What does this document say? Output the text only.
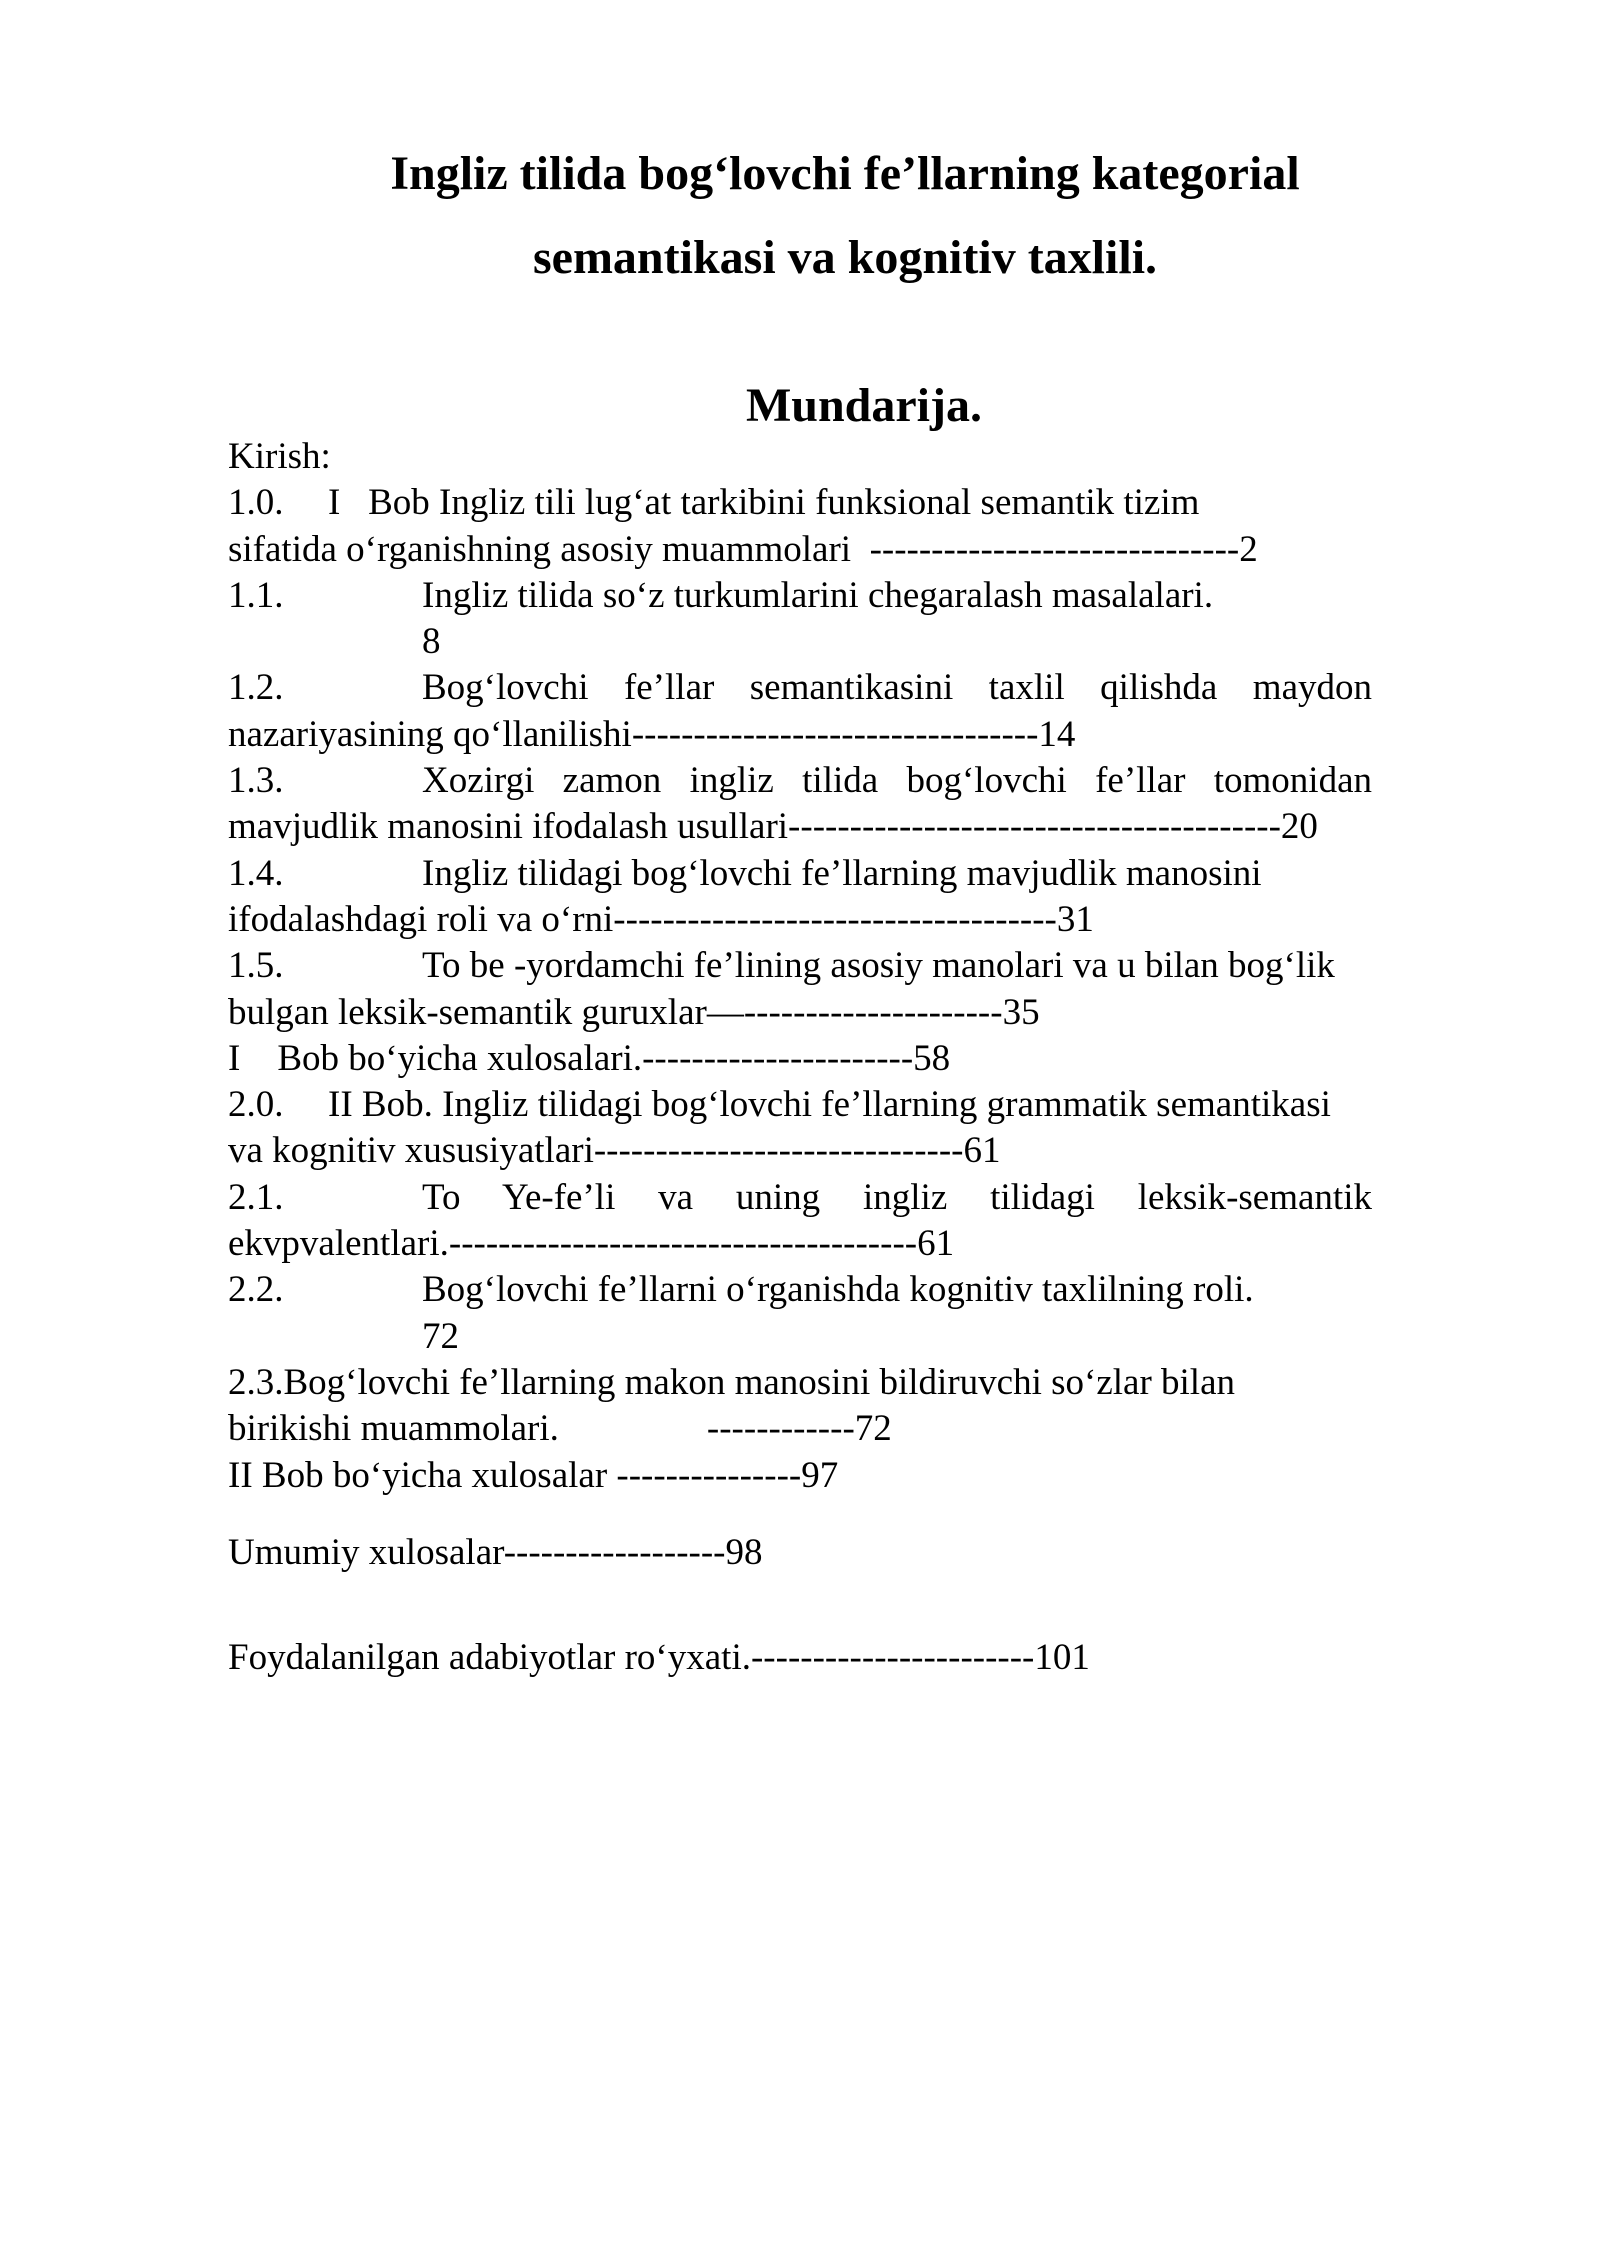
Ingliz tilida bogʻlovchi fe’llarning kategorial
semantikasi va kognitiv taxlili.
Mundarija.
Kirish:
1.0. I   Bob Ingliz tili lugʻat tarkibini funksional semantik tizim
sifatida oʻrganishning asosiy muammolari  ------------------------------2
1.1.	Ingliz tilida soʻz turkumlarini chegaralash masalalari.
8
1.2.	Bogʻlovchi fe’llar semantikasini taxlil qilishda maydon
nazariyasining qoʻllanilishi---------------------------------14
1.3.	Xozirgi zamon ingliz tilida bogʻlovchi fe’llar tomonidan
mavjudlik manosini ifodalash usullari----------------------------------------20
1.4.	Ingliz tilidagi bogʻlovchi fe’llarning mavjudlik manosini
ifodalashdagi roli va oʻrni------------------------------------31
1.5.	To be -yordamchi fe’lining asosiy manolari va u bilan bogʻlik
bulgan leksik-semantik guruxlar—---------------------35
I    Bob boʻyicha xulosalari.----------------------58
2.0. II Bob. Ingliz tilidagi bogʻlovchi fe’llarning grammatik semantikasi
va kognitiv xususiyatlari------------------------------61
2.1.	To Ye-fe’li va uning ingliz tilidagi leksik-semantik
ekvpvalentlari.--------------------------------------61
2.2.	Bogʻlovchi fe’llarni oʻrganishda kognitiv taxlilning roli.
72
2.3.Bogʻlovchi fe’llarning makon manosini bildiruvchi soʻzlar bilan
birikishi muammolari.                ------------72
II Bob boʻyicha xulosalar ---------------97
Umumiy xulosalar------------------98
Foydalanilgan adabiyotlar roʻyxati.-----------------------101
